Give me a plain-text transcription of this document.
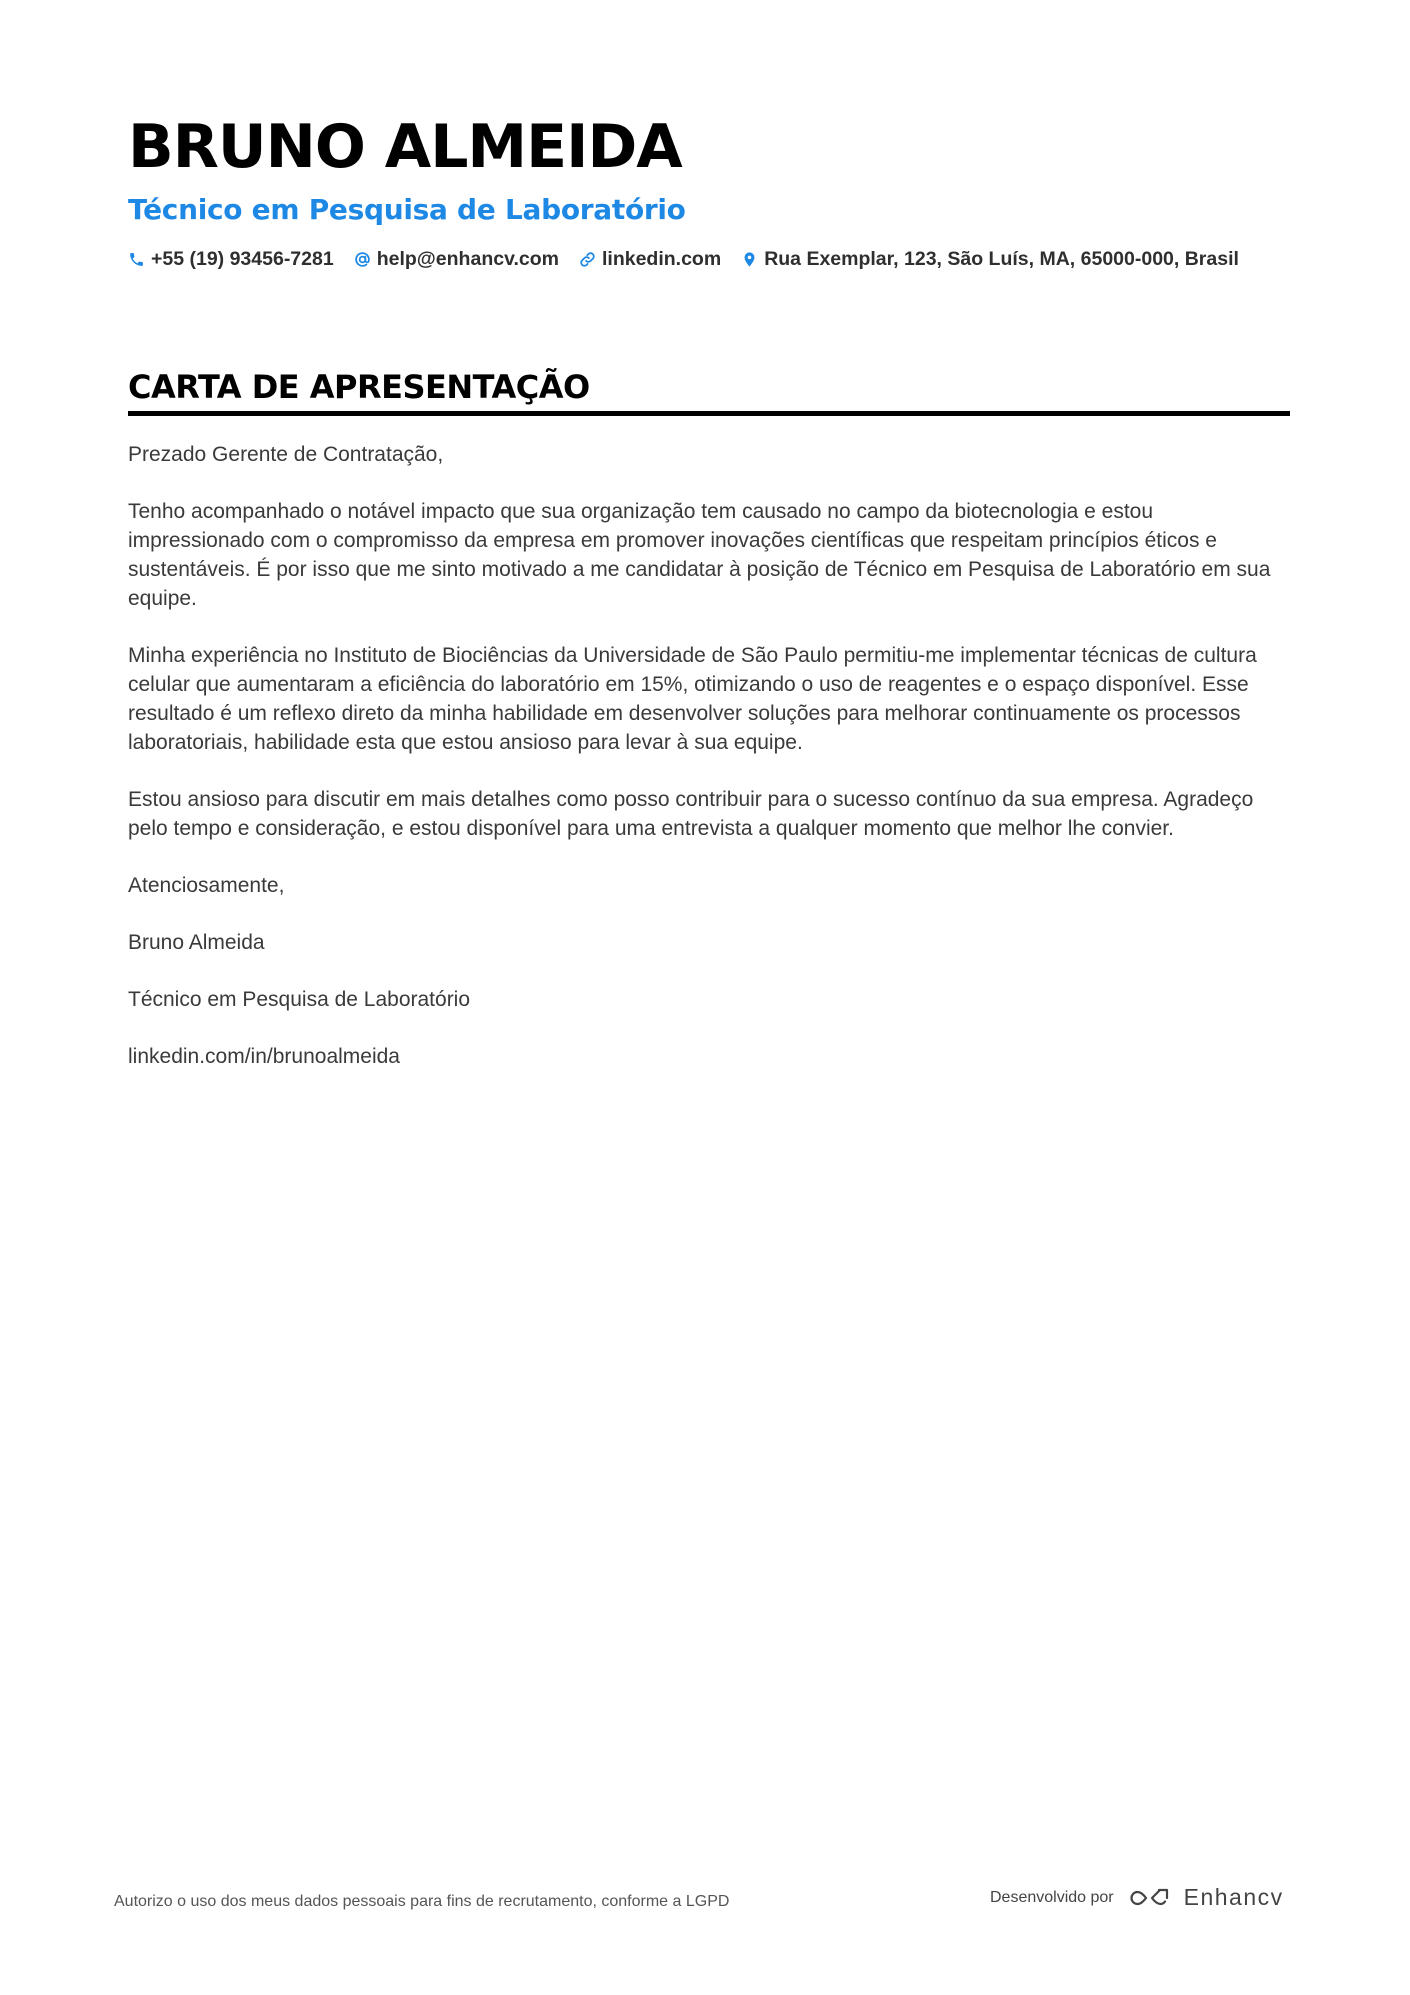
BRUNO ALMEIDA
Técnico em Pesquisa de Laboratório
+55 (19) 93456-7281 help@enhancv.com linkedin.com Rua Exemplar, 123, São Luís, MA, 65000-000, Brasil
CARTA DE APRESENTAÇÃO

Prezado Gerente de Contratação,

Tenho acompanhado o notável impacto que sua organização tem causado no campo da biotecnologia e estou impressionado com o compromisso da empresa em promover inovações científicas que respeitam princípios éticos e sustentáveis. É por isso que me sinto motivado a me candidatar à posição de Técnico em Pesquisa de Laboratório em sua equipe.

Minha experiência no Instituto de Biociências da Universidade de São Paulo permitiu-me implementar técnicas de cultura celular que aumentaram a eficiência do laboratório em 15%, otimizando o uso de reagentes e o espaço disponível. Esse resultado é um reflexo direto da minha habilidade em desenvolver soluções para melhorar continuamente os processos laboratoriais, habilidade esta que estou ansioso para levar à sua equipe.

Estou ansioso para discutir em mais detalhes como posso contribuir para o sucesso contínuo da sua empresa. Agradeço pelo tempo e consideração, e estou disponível para uma entrevista a qualquer momento que melhor lhe convier.

Atenciosamente,

Bruno Almeida

Técnico em Pesquisa de Laboratório

linkedin.com/in/brunoalmeida

Autorizo o uso dos meus dados pessoais para fins de recrutamento, conforme a LGPD	Desenvolvido por	Enhancv
